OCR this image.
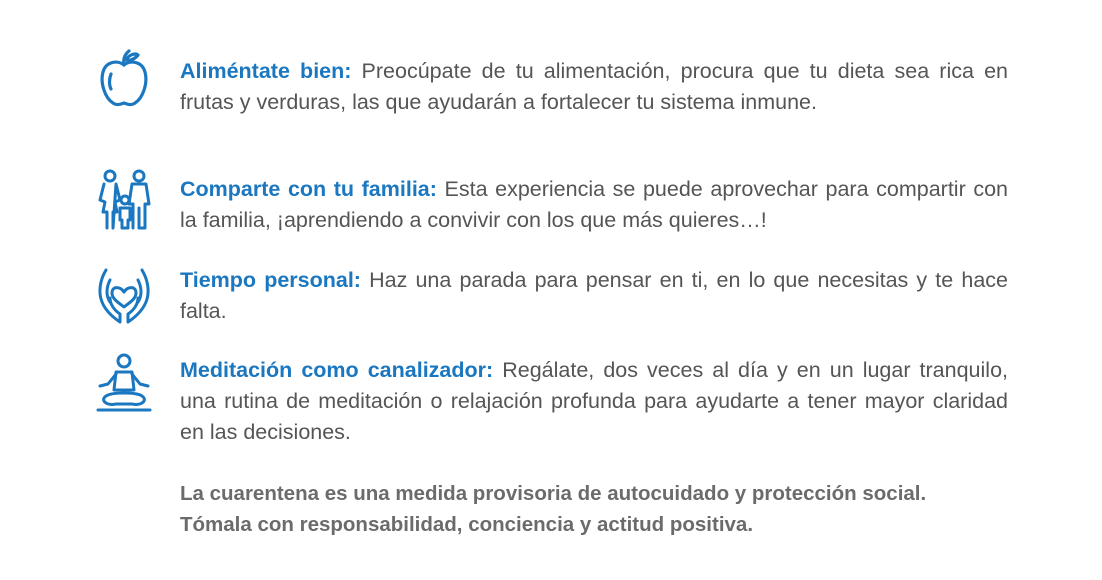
Aliméntate bien: Preocúpate de tu alimentación, procura que tu dieta sea rica en frutas y verduras, las que ayudarán a fortalecer tu sistema inmune.

Comparte con tu familia: Esta experiencia se puede aprovechar para compartir con la familia, ¡aprendiendo a convivir con los que más quieres…!

Tiempo personal: Haz una parada para pensar en ti, en lo que necesitas y te hace falta.

Meditación como canalizador: Regálate, dos veces al día y en un lugar tranquilo, una rutina de meditación o relajación profunda para ayudarte a tener mayor claridad en las decisiones.

La cuarentena es una medida provisoria de autocuidado y protección social.
Tómala con responsabilidad, conciencia y actitud positiva.
